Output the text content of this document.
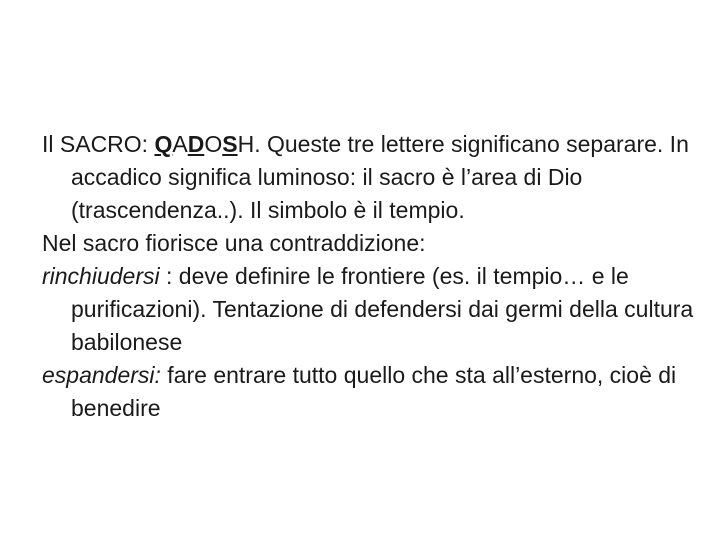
Il SACRO: QADOSH. Queste tre lettere significano separare. In accadico significa luminoso: il sacro è l’area di Dio (trascendenza..). Il simbolo è il tempio.

Nel sacro fiorisce una contraddizione:

rinchiudersi : deve definire le frontiere (es. il tempio… e le purificazioni). Tentazione di defendersi dai germi della cultura babilonese

espandersi: fare entrare tutto quello che sta all’esterno, cioè di benedire
